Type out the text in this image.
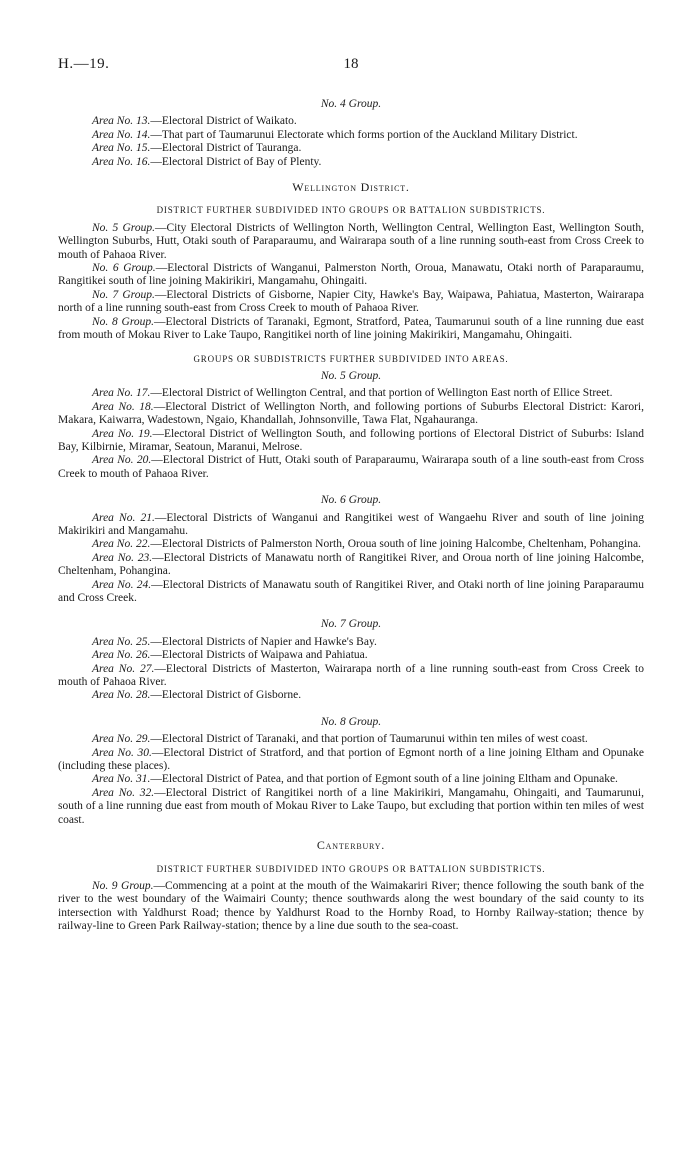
H.—19.	18
No. 4 Group.

Area No. 13.—Electoral District of Waikato.

Area No. 14.—That part of Taumarunui Electorate which forms portion of the Auckland Military District.

Area No. 15.—Electoral District of Tauranga.

Area No. 16.—Electoral District of Bay of Plenty.

Wellington District.
DISTRICT FURTHER SUBDIVIDED INTO GROUPS OR BATTALION SUBDISTRICTS.

No. 5 Group.—City Electoral Districts of Wellington North, Wellington Central, Wellington East, Wellington South, Wellington Suburbs, Hutt, Otaki south of Paraparaumu, and Wairarapa south of a line running south-east from Cross Creek to mouth of Pahaoa River.

No. 6 Group.—Electoral Districts of Wanganui, Palmerston North, Oroua, Manawatu, Otaki north of Paraparaumu, Rangitikei south of line joining Makirikiri, Mangamahu, Ohingaiti.

No. 7 Group.—Electoral Districts of Gisborne, Napier City, Hawke's Bay, Waipawa, Pahiatua, Masterton, Wairarapa north of a line running south-east from Cross Creek to mouth of Pahaoa River.

No. 8 Group.—Electoral Districts of Taranaki, Egmont, Stratford, Patea, Taumarunui south of a line running due east from mouth of Mokau River to Lake Taupo, Rangitikei north of line joining Makirikiri, Mangamahu, Ohingaiti.

GROUPS OR SUBDISTRICTS FURTHER SUBDIVIDED INTO AREAS.
No. 5 Group.

Area No. 17.—Electoral District of Wellington Central, and that portion of Wellington East north of Ellice Street.

Area No. 18.—Electoral District of Wellington North, and following portions of Suburbs Electoral District: Karori, Makara, Kaiwarra, Wadestown, Ngaio, Khandallah, Johnsonville, Tawa Flat, Ngahauranga.

Area No. 19.—Electoral District of Wellington South, and following portions of Electoral District of Suburbs: Island Bay, Kilbirnie, Miramar, Seatoun, Maranui, Melrose.

Area No. 20.—Electoral District of Hutt, Otaki south of Paraparaumu, Wairarapa south of a line south-east from Cross Creek to mouth of Pahaoa River.

No. 6 Group.

Area No. 21.—Electoral Districts of Wanganui and Rangitikei west of Wangaehu River and south of line joining Makirikiri and Mangamahu.

Area No. 22.—Electoral Districts of Palmerston North, Oroua south of line joining Halcombe, Cheltenham, Pohangina.

Area No. 23.—Electoral Districts of Manawatu north of Rangitikei River, and Oroua north of line joining Halcombe, Cheltenham, Pohangina.

Area No. 24.—Electoral Districts of Manawatu south of Rangitikei River, and Otaki north of line joining Paraparaumu and Cross Creek.

No. 7 Group.

Area No. 25.—Electoral Districts of Napier and Hawke's Bay.

Area No. 26.—Electoral Districts of Waipawa and Pahiatua.

Area No. 27.—Electoral Districts of Masterton, Wairarapa north of a line running south-east from Cross Creek to mouth of Pahaoa River.

Area No. 28.—Electoral District of Gisborne.

No. 8 Group.

Area No. 29.—Electoral District of Taranaki, and that portion of Taumarunui within ten miles of west coast.

Area No. 30.—Electoral District of Stratford, and that portion of Egmont north of a line joining Eltham and Opunake (including these places).

Area No. 31.—Electoral District of Patea, and that portion of Egmont south of a line joining Eltham and Opunake.

Area No. 32.—Electoral District of Rangitikei north of a line Makirikiri, Mangamahu, Ohingaiti, and Taumarunui, south of a line running due east from mouth of Mokau River to Lake Taupo, but excluding that portion within ten miles of west coast.

Canterbury.
DISTRICT FURTHER SUBDIVIDED INTO GROUPS OR BATTALION SUBDISTRICTS.

No. 9 Group.—Commencing at a point at the mouth of the Waimakariri River; thence following the south bank of the river to the west boundary of the Waimairi County; thence southwards along the west boundary of the said county to its intersection with Yaldhurst Road; thence by Yaldhurst Road to the Hornby Road, to Hornby Railway-station; thence by railway-line to Green Park Railway-station; thence by a line due south to the sea-coast.
